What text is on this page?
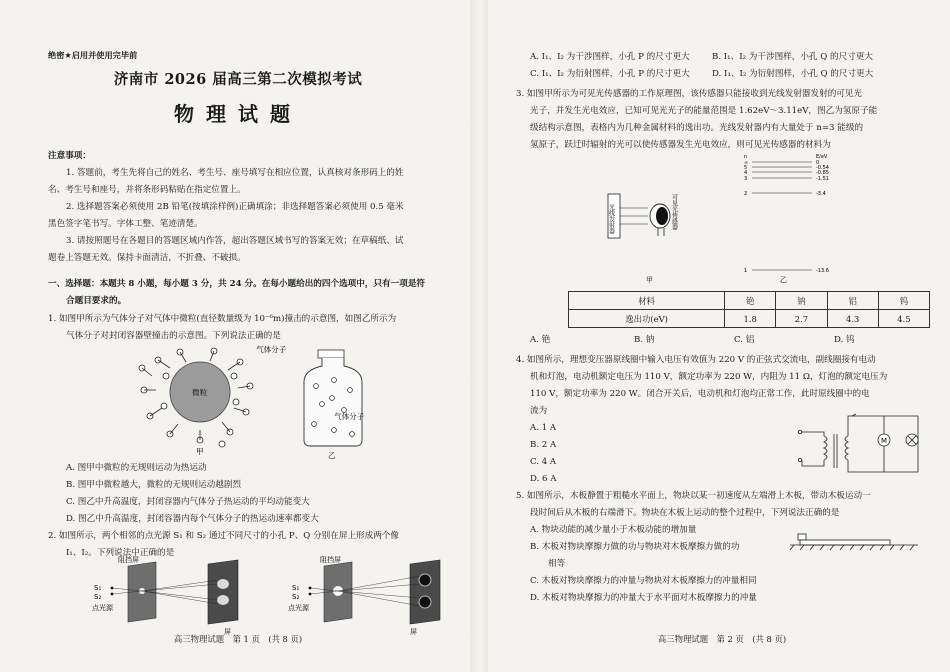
绝密★启用并使用完毕前
济南市 2026 届高三第二次模拟考试
物理试题
注意事项：
1. 答题前，考生先将自己的姓名、考生号、座号填写在相应位置，认真核对条形码上的姓
名、考生号和座号，并将条形码粘贴在指定位置上。
2. 选择题答案必须使用 2B 铅笔(按填涂样例)正确填涂；非选择题答案必须使用 0.5 毫米
黑色签字笔书写。字体工整、笔迹清楚。
3. 请按照题号在各题目的答题区域内作答，超出答题区域书写的答案无效；在草稿纸、试
题卷上答题无效。保持卡面清洁，不折叠、不破损。
一、选择题：本题共 8 小题，每小题 3 分，共 24 分。在每小题给出的四个选项中，只有一项是符
合题目要求的。
1. 如图甲所示为气体分子对气体中微粒(直径数量级为 10⁻⁶m)撞击的示意图，如图乙所示为
气体分子对封闭容器壁撞击的示意图。下列说法正确的是
气体分子
微粒
甲
气体分子
乙
A. 图甲中微粒的无规则运动为热运动
B. 图甲中微粒越大，微粒的无规则运动越剧烈
C. 图乙中升高温度，封闭容器内气体分子热运动的平均动能变大
D. 图乙中升高温度，封闭容器内每个气体分子的热运动速率都变大
2. 如图所示，两个相邻的点光源 S₁ 和 S₂ 通过不同尺寸的小孔 P、Q 分别在屏上形成两个像
I₁、I₂。下列说法中正确的是
阻挡屏
S₁
S₂
点光源
屏
阻挡屏
S₁
S₂
点光源
屏
高三物理试题　第 1 页　(共 8 页)
A. I₁、I₂ 为干涉图样，小孔 P 的尺寸更大	B. I₁、I₂ 为干涉图样，小孔 Q 的尺寸更大
C. I₁、I₂ 为衍射图样，小孔 P 的尺寸更大	D. I₁、I₂ 为衍射图样，小孔 Q 的尺寸更大
3. 如图甲所示为可见光传感器的工作原理图，该传感器只能接收到光线发射器发射的可见光
光子，并发生光电效应，已知可见光光子的能量范围是 1.62eV～3.11eV，图乙为氢原子能
级结构示意图，表格内为几种金属材料的逸出功。光线发射器内有大量处于 n=3 能级的
氢原子，跃迁时辐射的光可以使传感器发生光电效应，则可见光传感器的材料为
光线发射器	可见光传感器
甲
n	E/eV
∞	0
5	-0.54
4	-0.85
3	-1.51
2	-3.4
1	-13.6
乙
材料	铯	钠	铝	钨
逸出功(eV)	1.8	2.7	4.3	4.5
A. 铯	B. 钠	C. 铝	D. 钨
4. 如图所示，理想变压器原线圈中输入电压有效值为 220 V 的正弦式交流电，副线圈接有电动
机和灯泡，电动机额定电压为 110 V，额定功率为 220 W，内阻为 11 Ω，灯泡的额定电压为
110 V，额定功率为 220 W。闭合开关后，电动机和灯泡均正常工作，此时原线圈中的电
流为
A. 1 A
B. 2 A
C. 4 A
D. 6 A
M
5. 如图所示，木板静置于粗糙水平面上，物块以某一初速度从左端滑上木板，带动木板运动一
段时间后从木板的右端滑下。物块在木板上运动的整个过程中，下列说法正确的是
A. 物块动能的减少量小于木板动能的增加量
B. 木板对物块摩擦力做的功与物块对木板摩擦力做的功
相等
C. 木板对物块摩擦力的冲量与物块对木板摩擦力的冲量相同
D. 木板对物块摩擦力的冲量大于水平面对木板摩擦力的冲量
高三物理试题　第 2 页　(共 8 页)
